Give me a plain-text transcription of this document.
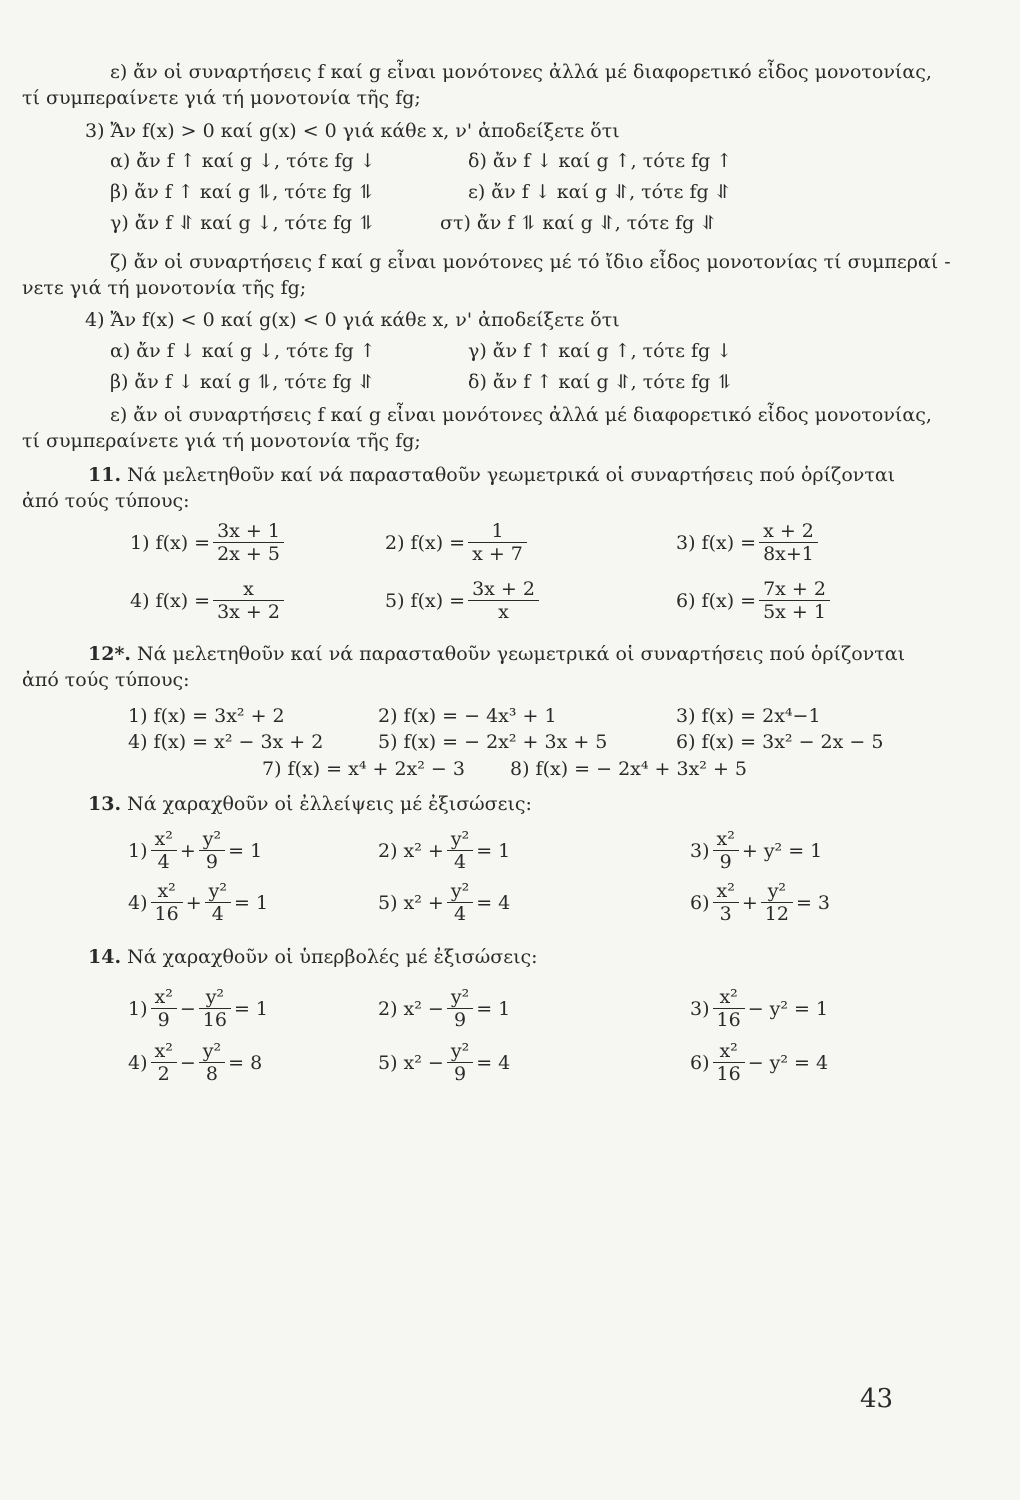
ε) ἄν οἱ συναρτήσεις f καί g εἶναι μονότονες ἀλλά μέ διαφορετικό εἶδος μονοτονίας,
τί συμπεραίνετε γιά τή μονοτονία τῆς fg;
3) Ἄν f(x) > 0 καί g(x) < 0 γιά κάθε x, ν' ἀποδείξετε ὅτι
α) ἄν f ↑ καί g ↓, τότε fg ↓	δ) ἄν f ↓ καί g ↑, τότε fg ↑
β) ἄν f ↑ καί g ⥮, τότε fg ⥮	ε) ἄν f ↓ καί g ⥯, τότε fg ⥯
γ) ἄν f ⥯ καί g ↓, τότε fg ⥮	στ) ἄν f ⥮ καί g ⥯, τότε fg ⥯
ζ) ἄν οἱ συναρτήσεις f καί g εἶναι μονότονες μέ τό ἴδιο εἶδος μονοτονίας τί συμπεραί -
νετε γιά τή μονοτονία τῆς fg;
4) Ἄν f(x) < 0 καί g(x) < 0 γιά κάθε x, ν' ἀποδείξετε ὅτι
α) ἄν f ↓ καί g ↓, τότε fg ↑	γ) ἄν f ↑ καί g ↑, τότε fg ↓
β) ἄν f ↓ καί g ⥮, τότε fg ⥯	δ) ἄν f ↑ καί g ⥯, τότε fg ⥮
ε) ἄν οἱ συναρτήσεις f καί g εἶναι μονότονες ἀλλά μέ διαφορετικό εἶδος μονοτονίας,
τί συμπεραίνετε γιά τή μονοτονία τῆς fg;
11. Νά μελετηθοῦν καί νά παρασταθοῦν γεωμετρικά οἱ συναρτήσεις πού ὁρίζονται
ἀπό τούς τύπους:
1) $f(x) = \frac{3x + 1}{2x + 5}$	2) $f(x) = \frac{1}{x + 7}$	3) $f(x) = \frac{x + 2}{8x+1}$
4) $f(x) = \frac{x}{3x + 2}$	5) $f(x) = \frac{3x + 2}{x}$	6) $f(x) = \frac{7x + 2}{5x + 1}$
12*. Νά μελετηθοῦν καί νά παρασταθοῦν γεωμετρικά οἱ συναρτήσεις πού ὁρίζονται
ἀπό τούς τύπους:
1) f(x) = 3x² + 2	2) f(x) = − 4x³ + 1	3) f(x) = 2x⁴−1
4) f(x) = x² − 3x + 2	5) f(x) = − 2x² + 3x + 5	6) f(x) = 3x² − 2x − 5
7) f(x) = x⁴ + 2x² − 3 8) f(x) = − 2x⁴ + 3x² + 5
13. Νά χαραχθοῦν οἱ ἐλλείψεις μέ ἐξισώσεις:
$1) \frac{\text{x²}}{4} + \frac{\text{y²}}{9} = 1$	2) $x^2 + \frac{\text{y²}}{4} = 1$	$3) \frac{\text{x²}}{9} + y^2 = 1$
$4) \frac{\text{x²}}{16} + \frac{\text{y²}}{4} = 1$	5) $x^2 + \frac{\text{y²}}{4} = 4$	$6) \frac{\text{x²}}{3} + \frac{\text{y²}}{12} = 3$
14. Νά χαραχθοῦν οἱ ὑπερβολές μέ ἐξισώσεις:
$1) \frac{\text{x²}}{9} - \frac{\text{y²}}{16} = 1$	2) $x^2 - \frac{\text{y²}}{9} = 1$	$3) \frac{\text{x²}}{16} - y^2 = 1$
$4) \frac{\text{x²}}{2} - \frac{\text{y²}}{8} = 8$	5) $x^2 - \frac{\text{y²}}{9} = 4$	$6) \frac{\text{x²}}{16} - y^2 = 4$
43
